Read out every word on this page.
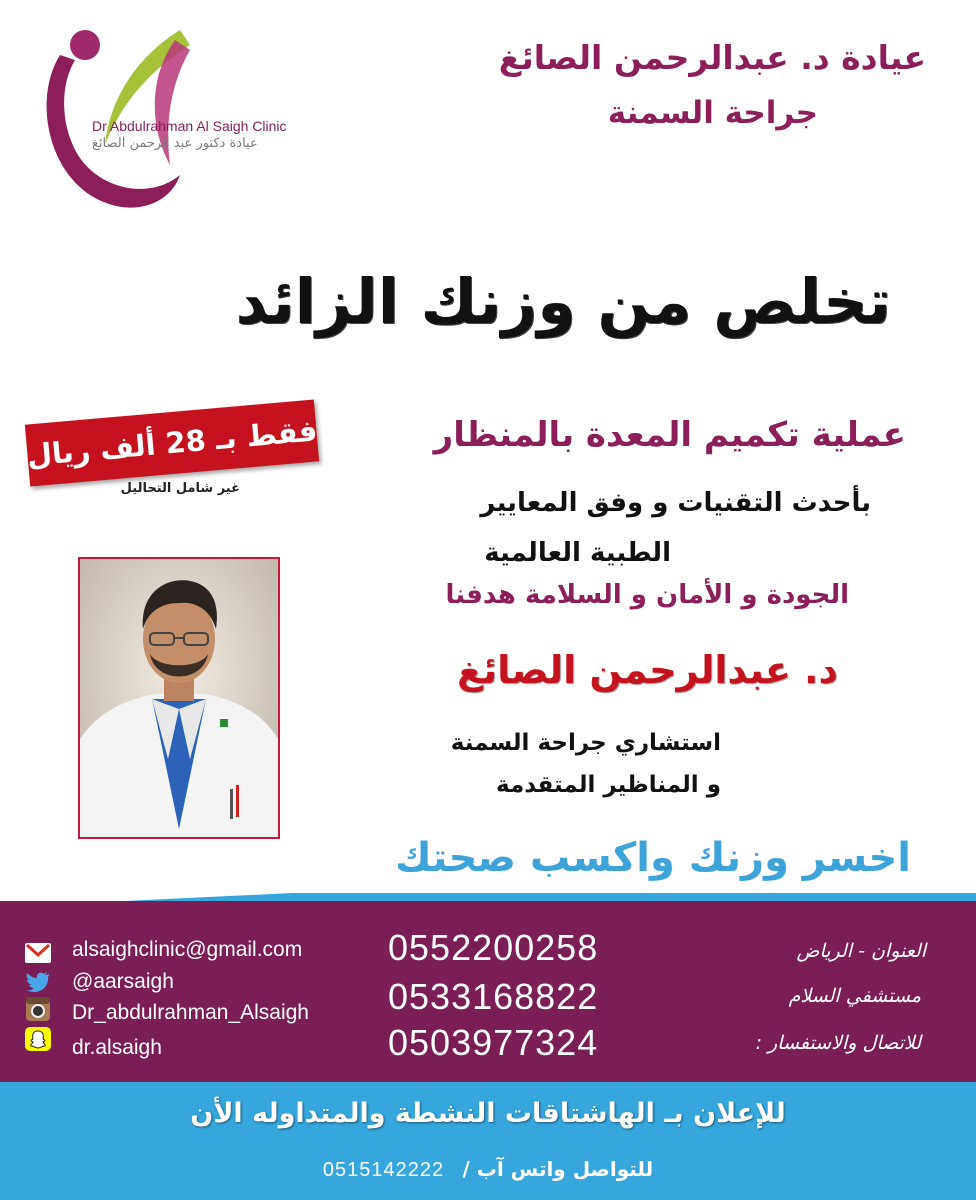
Dr Abdulrahman Al Saigh Clinic
عيادة دكتور عبد الرحمن الصائغ
عيادة د. عبدالرحمن الصائغ
جراحة السمنة
تخلص من وزنك الزائد
فقط بـ 28 ألف ريال
غير شامل التحاليل
عملية تكميم المعدة بالمنظار
بأحدث التقنيات و وفق المعايير
الطبية العالمية
الجودة و الأمان و السلامة هدفنا
د. عبدالرحمن الصائغ
استشاري جراحة السمنة
و المناظير المتقدمة
اخسر وزنك واكسب صحتك
alsaighclinic@gmail.com
@aarsaigh
Dr_abdulrahman_Alsaigh
dr.alsaigh
0552200258
0533168822
0503977324
العنوان - الرياض
مستشفي السلام
للاتصال والاستفسار :
للإعلان بـ الهاشتاقات النشطة والمتداوله الأن
0515142222 للتواصل واتس آب /
